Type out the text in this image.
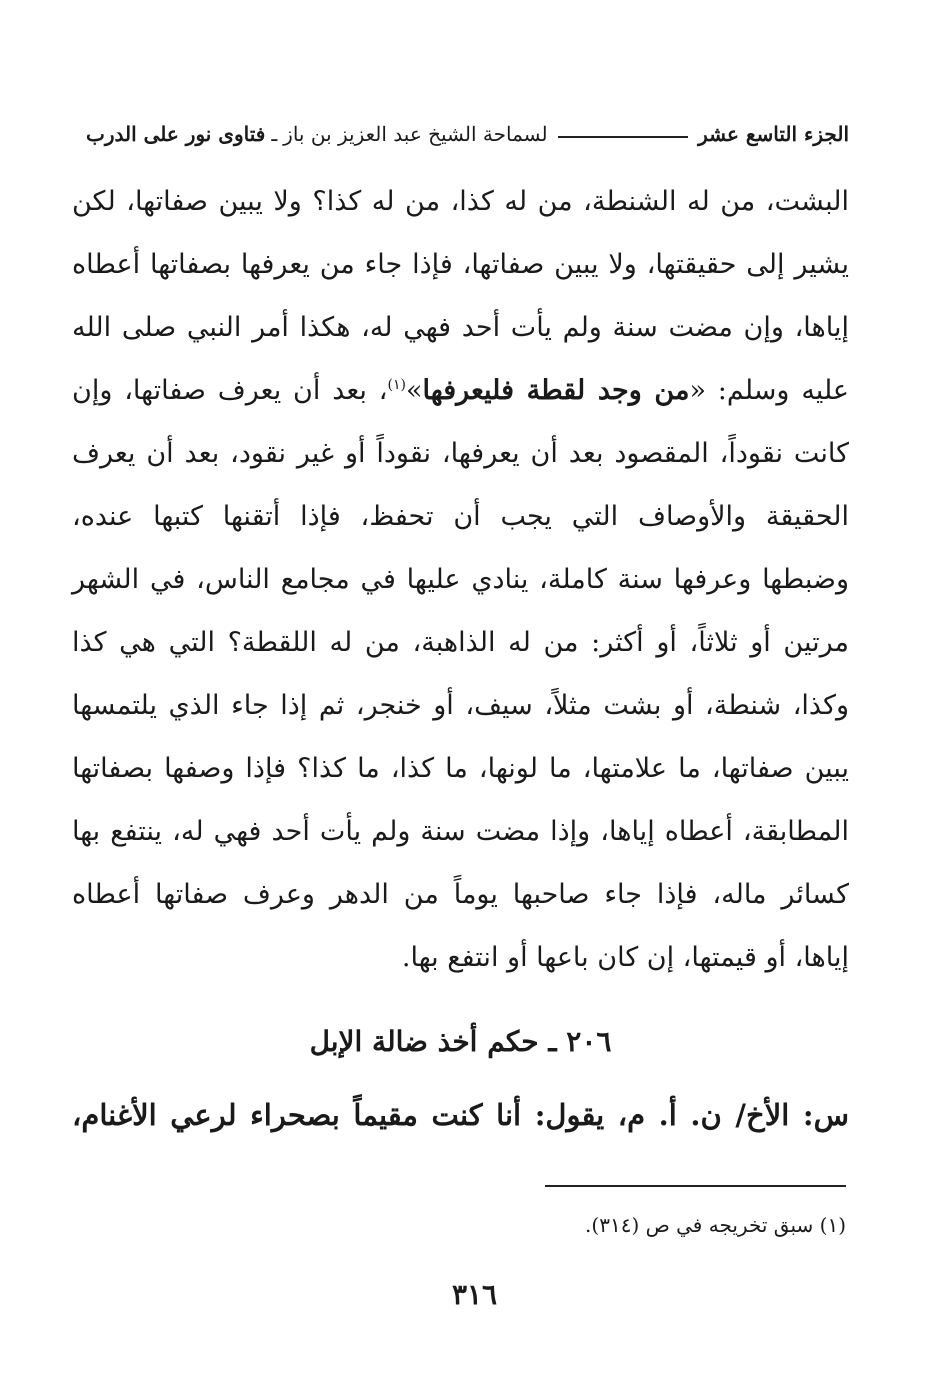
فتاوى نور على الدرب ـ لسماحة الشيخ عبد العزيز بن باز	الجزء التاسع عشر
البشت، من له الشنطة، من له كذا، من له كذا؟ ولا يبين صفاتها، لكن
يشير إلى حقيقتها، ولا يبين صفاتها، فإذا جاء من يعرفها بصفاتها أعطاه
إياها، وإن مضت سنة ولم يأت أحد فهي له، هكذا أمر النبي صلى الله
عليه وسلم: «من وجد لقطة فليعرفها»$^{(١)}$، بعد أن يعرف صفاتها، وإن
كانت نقوداً، المقصود بعد أن يعرفها، نقوداً أو غير نقود، بعد أن يعرف
الحقيقة والأوصاف التي يجب أن تحفظ، فإذا أتقنها كتبها عنده،
وضبطها وعرفها سنة كاملة، ينادي عليها في مجامع الناس، في الشهر
مرتين أو ثلاثاً، أو أكثر: من له الذاهبة، من له اللقطة؟ التي هي كذا
وكذا، شنطة، أو بشت مثلاً، سيف، أو خنجر، ثم إذا جاء الذي يلتمسها
يبين صفاتها، ما علامتها، ما لونها، ما كذا، ما كذا؟ فإذا وصفها بصفاتها
المطابقة، أعطاه إياها، وإذا مضت سنة ولم يأت أحد فهي له، ينتفع بها
كسائر ماله، فإذا جاء صاحبها يوماً من الدهر وعرف صفاتها أعطاه
إياها، أو قيمتها، إن كان باعها أو انتفع بها.
٢٠٦ ـ حكم أخذ ضالة الإبل
س: الأخ/ ن. أ. م، يقول: أنا كنت مقيماً بصحراء لرعي الأغنام،
(١) سبق تخريجه في ص (٣١٤).
٣١٦
